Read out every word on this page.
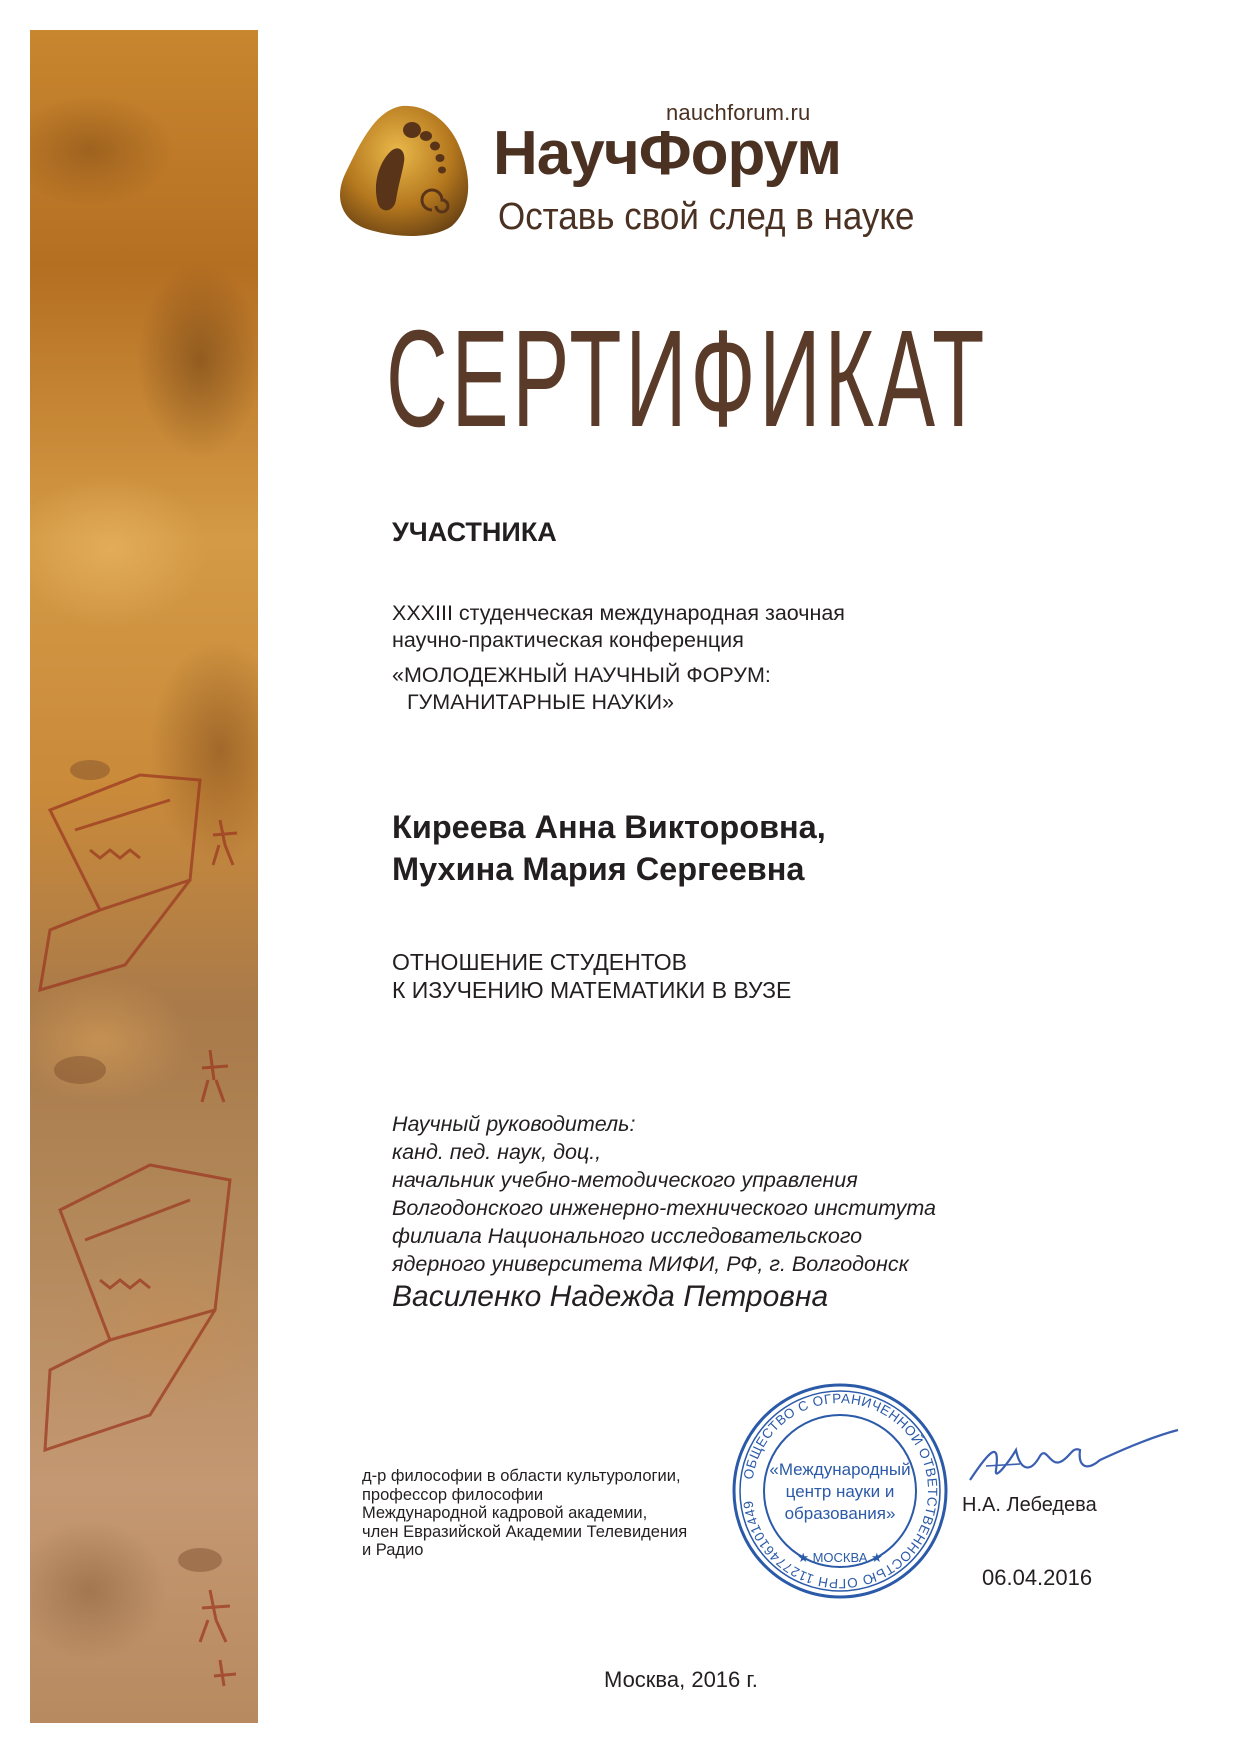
nauchforum.ru
НаучФорум
Оставь свой след в науке
СЕРТИФИКАТ
УЧАСТНИКА
XXXIII студенческая международная заочная
научно-практическая конференция
«МОЛОДЕЖНЫЙ НАУЧНЫЙ ФОРУМ:
ГУМАНИТАРНЫЕ НАУКИ»
Киреева Анна Викторовна,
Мухина Мария Сергеевна
ОТНОШЕНИЕ СТУДЕНТОВ
К ИЗУЧЕНИЮ МАТЕМАТИКИ В ВУЗЕ
Научный руководитель:
канд. пед. наук, доц.,
начальник учебно-методического управления
Волгодонского инженерно-технического института
филиала Национального исследовательского
ядерного университета МИФИ, РФ, г. Волгодонск
Василенко Надежда Петровна
д-р философии в области культурологии,
профессор философии
Международной кадровой академии,
член Евразийской Академии Телевидения
и Радио
ОБЩЕСТВО С ОГРАНИЧЕННОЙ ОТВЕТСТВЕННОСТЬЮ ОГРН 1127746101449
«Международный
центр науки и
образования»
★ МОСКВА ★
Н.А. Лебедева
06.04.2016
Москва, 2016 г.
